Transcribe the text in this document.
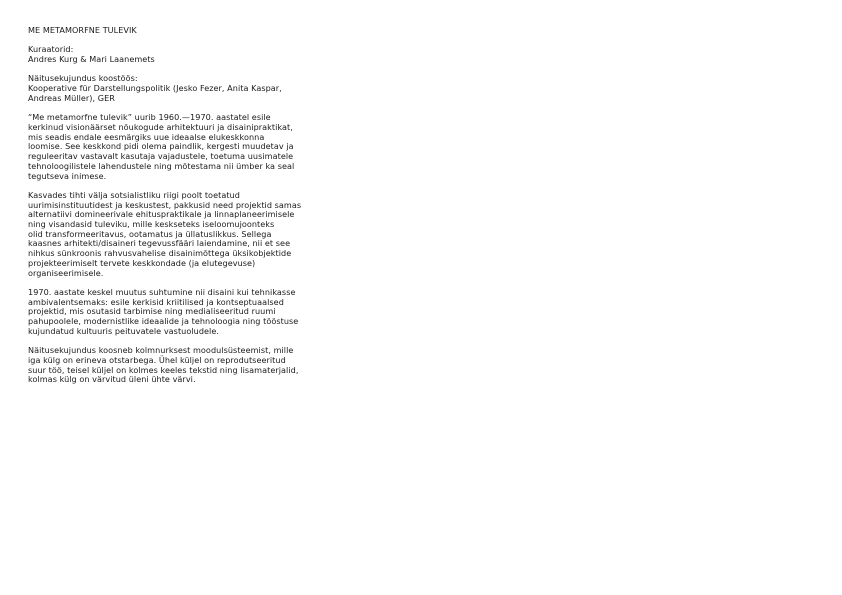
ME METAMORFNE TULEVIK
Kuraatorid:
Andres Kurg & Mari Laanemets
Näitusekujundus koostöös:
Kooperative für Darstellungspolitik (Jesko Fezer, Anita Kaspar,
Andreas Müller), GER
“Me metamorfne tulevik” uurib 1960.—1970. aastatel esile
kerkinud visionäärset nõukogude arhitektuuri ja disainipraktikat,
mis seadis endale eesmärgiks uue ideaalse elukeskkonna
loomise. See keskkond pidi olema paindlik, kergesti muudetav ja
reguleeritav vastavalt kasutaja vajadustele, toetuma uusimatele
tehnoloogilistele lahendustele ning mõtestama nii ümber ka seal
tegutseva inimese.
Kasvades tihti välja sotsialistliku riigi poolt toetatud
uurimisinstituutidest ja keskustest, pakkusid need projektid samas
alternatiivi domineerivale ehituspraktikale ja linnaplaneerimisele
ning visandasid tuleviku, mille keskseteks iseloomujoonteks
olid transformeeritavus, ootamatus ja üllatuslikkus. Sellega
kaasnes arhitekti/disaineri tegevussfääri laiendamine, nii et see
nihkus sünkroonis rahvusvahelise disainimõttega üksikobjektide
projekteerimiselt tervete keskkondade (ja elutegevuse)
organiseerimisele.
1970. aastate keskel muutus suhtumine nii disaini kui tehnikasse
ambivalentsemaks: esile kerkisid kriitilised ja kontseptuaalsed
projektid, mis osutasid tarbimise ning medialiseeritud ruumi
pahupoolele, modernistlike ideaalide ja tehnoloogia ning tööstuse
kujundatud kultuuris peituvatele vastuoludele.
Näitusekujundus koosneb kolmnurksest moodulsüsteemist, mille
iga külg on erineva otstarbega. Ühel küljel on reprodutseeritud
suur töö, teisel küljel on kolmes keeles tekstid ning lisamaterjalid,
kolmas külg on värvitud üleni ühte värvi.
